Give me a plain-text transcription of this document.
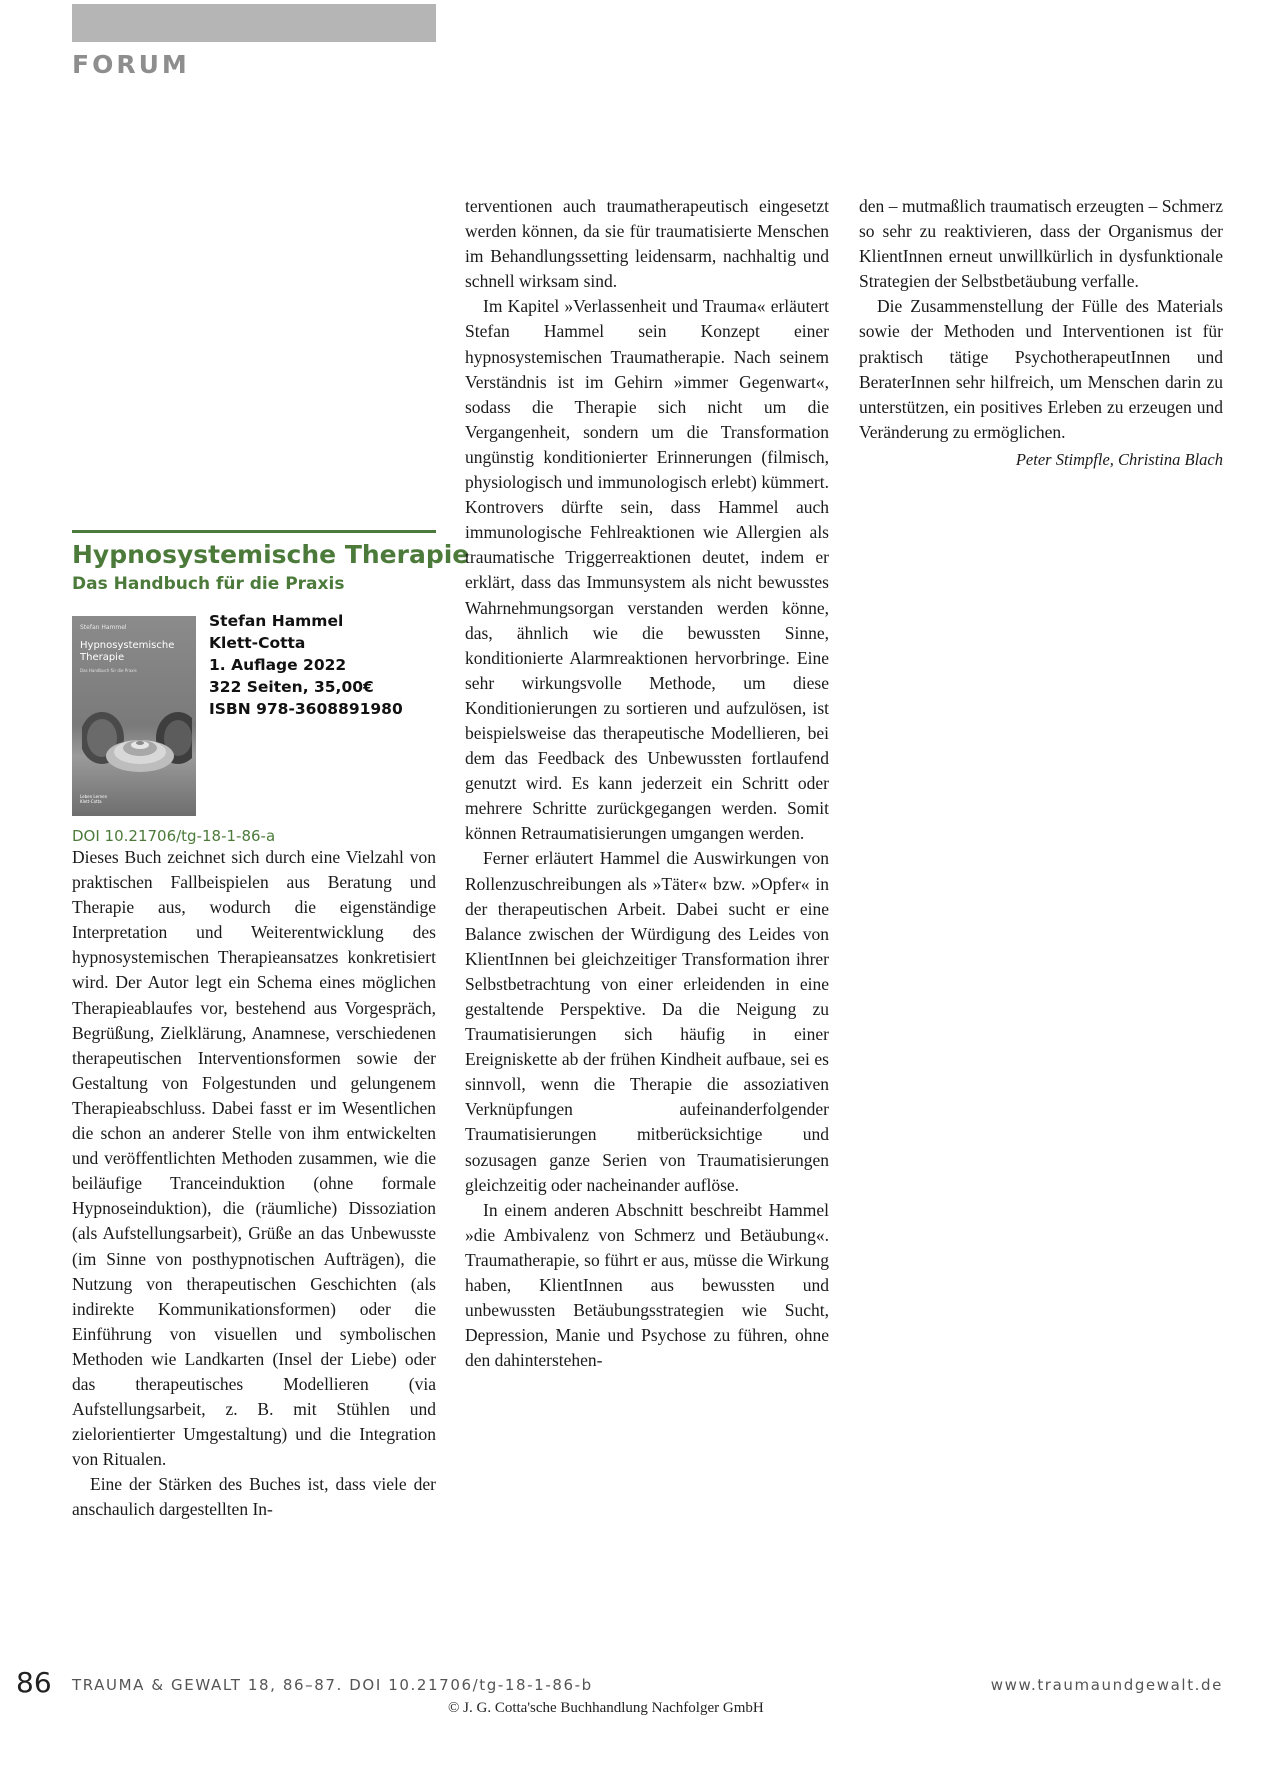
FORUM
Hypnosystemische Therapie
Das Handbuch für die Praxis
Stefan Hammel
Hypnosystemische Therapie
Das Handbuch für die Praxis
Leben Lernen Klett-Cotta
Stefan Hammel
Klett-Cotta
1. Auflage 2022
322 Seiten, 35,00€
ISBN 978-3608891980
DOI 10.21706/tg-18-1-86-a

Dieses Buch zeichnet sich durch eine Vielzahl von praktischen Fallbeispielen aus Beratung und Therapie aus, wodurch die eigenständige Interpretation und Weiterentwicklung des hypnosystemischen Therapieansatzes konkretisiert wird. Der Autor legt ein Schema eines möglichen Therapieablaufes vor, bestehend aus Vorgespräch, Begrüßung, Zielklärung, Anamnese, verschiedenen therapeutischen Interventionsformen sowie der Gestaltung von Folgestunden und gelungenem Therapieabschluss. Dabei fasst er im Wesentlichen die schon an anderer Stelle von ihm entwickelten und veröffentlichten Methoden zusammen, wie die beiläufige Tranceinduktion (ohne formale Hypnoseinduktion), die (räumliche) Dissoziation (als Aufstellungsarbeit), Grüße an das Unbewusste (im Sinne von posthypnotischen Aufträgen), die Nutzung von therapeutischen Geschichten (als indirekte Kommunikationsformen) oder die Einführung von visuellen und symbolischen Methoden wie Landkarten (Insel der Liebe) oder das therapeutisches Modellieren (via Aufstellungsarbeit, z. B. mit Stühlen und zielorientierter Umgestaltung) und die Integration von Ritualen.

Eine der Stärken des Buches ist, dass viele der anschaulich dargestellten In-

terventionen auch traumatherapeutisch eingesetzt werden können, da sie für traumatisierte Menschen im Behandlungssetting leidensarm, nachhaltig und schnell wirksam sind.

Im Kapitel »Verlassenheit und Trauma« erläutert Stefan Hammel sein Konzept einer hypnosystemischen Traumatherapie. Nach seinem Verständnis ist im Gehirn »immer Gegenwart«, sodass die Therapie sich nicht um die Vergangenheit, sondern um die Transformation ungünstig konditionierter Erinnerungen (filmisch, physiologisch und immunologisch erlebt) kümmert. Kontrovers dürfte sein, dass Hammel auch immunologische Fehlreaktionen wie Allergien als traumatische Triggerreaktionen deutet, indem er erklärt, dass das Immunsystem als nicht bewusstes Wahrnehmungsorgan verstanden werden könne, das, ähnlich wie die bewussten Sinne, konditionierte Alarmreaktionen hervorbringe. Eine sehr wirkungsvolle Methode, um diese Konditionierungen zu sortieren und aufzulösen, ist beispielsweise das therapeutische Modellieren, bei dem das Feedback des Unbewussten fortlaufend genutzt wird. Es kann jederzeit ein Schritt oder mehrere Schritte zurückgegangen werden. Somit können Retraumatisierungen umgangen werden.

Ferner erläutert Hammel die Auswirkungen von Rollenzuschreibungen als »Täter« bzw. »Opfer« in der therapeutischen Arbeit. Dabei sucht er eine Balance zwischen der Würdigung des Leides von KlientInnen bei gleichzeitiger Transformation ihrer Selbstbetrachtung von einer erleidenden in eine gestaltende Perspektive. Da die Neigung zu Traumatisierungen sich häufig in einer Ereigniskette ab der frühen Kindheit aufbaue, sei es sinnvoll, wenn die Therapie die assoziativen Verknüpfungen aufeinanderfolgender Traumatisierungen mitberücksichtige und sozusagen ganze Serien von Traumatisierungen gleichzeitig oder nacheinander auflöse.

In einem anderen Abschnitt beschreibt Hammel »die Ambivalenz von Schmerz und Betäubung«. Traumatherapie, so führt er aus, müsse die Wirkung haben, KlientInnen aus bewussten und unbewussten Betäubungsstrategien wie Sucht, Depression, Manie und Psychose zu führen, ohne den dahinterstehen-

den – mutmaßlich traumatisch erzeugten – Schmerz so sehr zu reaktivieren, dass der Organismus der KlientInnen erneut unwillkürlich in dysfunktionale Strategien der Selbstbetäubung verfalle.

Die Zusammenstellung der Fülle des Materials sowie der Methoden und Interventionen ist für praktisch tätige PsychotherapeutInnen und BeraterInnen sehr hilfreich, um Menschen darin zu unterstützen, ein positives Erleben zu erzeugen und Veränderung zu ermöglichen.

Peter Stimpfle, Christina Blach
86 TRAUMA & GEWALT 18, 86–87. DOI 10.21706/tg-18-1-86-b	www.traumaundgewalt.de
© J. G. Cotta'sche Buchhandlung Nachfolger GmbH
